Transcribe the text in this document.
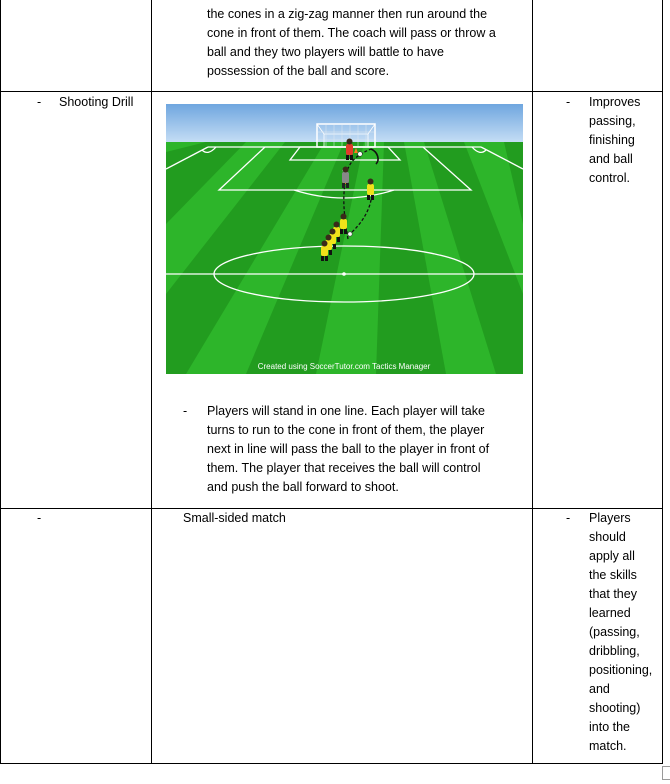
the cones in a zig-zag manner then run around the
cone in front of them. The coach will pass or throw a
ball and they two players will battle to have
possession of the ball and score.
- Shooting Drill
Created using SoccerTutor.com Tactics Manager
- Players will stand in one line. Each player will take
turns to run to the cone in front of them, the player
next in line will pass the ball to the player in front of
them. The player that receives the ball will control
and push the ball forward to shoot.
- Improves
passing,
finishing
and ball
control.
-	Small-sided match	- Players
should
apply all
the skills
that they
learned
(passing,
dribbling,
positioning,
and
shooting)
into the
match.
